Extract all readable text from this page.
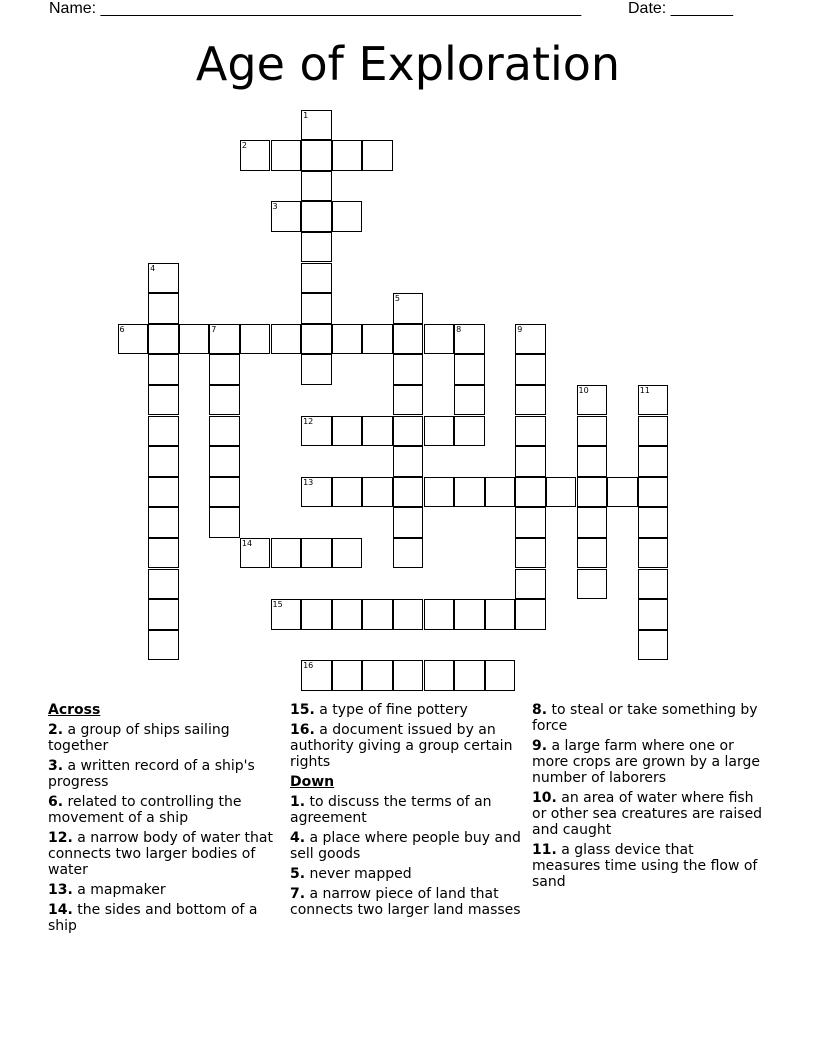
Name: ______________________________________________________	Date: _______
Age of Exploration
1
2
3
4
5
6	7	8	9
10	11
12
13
14
15
16
Across
2. a group of ships sailing together
3. a written record of a ship's progress
6. related to controlling the movement of a ship
12. a narrow body of water that connects two larger bodies of water
13. a mapmaker
14. the sides and bottom of a ship
15. a type of fine pottery
16. a document issued by an authority giving a group certain rights
Down
1. to discuss the terms of an agreement
4. a place where people buy and sell goods
5. never mapped
7. a narrow piece of land that connects two larger land masses
8. to steal or take something by force
9. a large farm where one or more crops are grown by a large number of laborers
10. an area of water where fish or other sea creatures are raised and caught
11. a glass device that measures time using the flow of sand
